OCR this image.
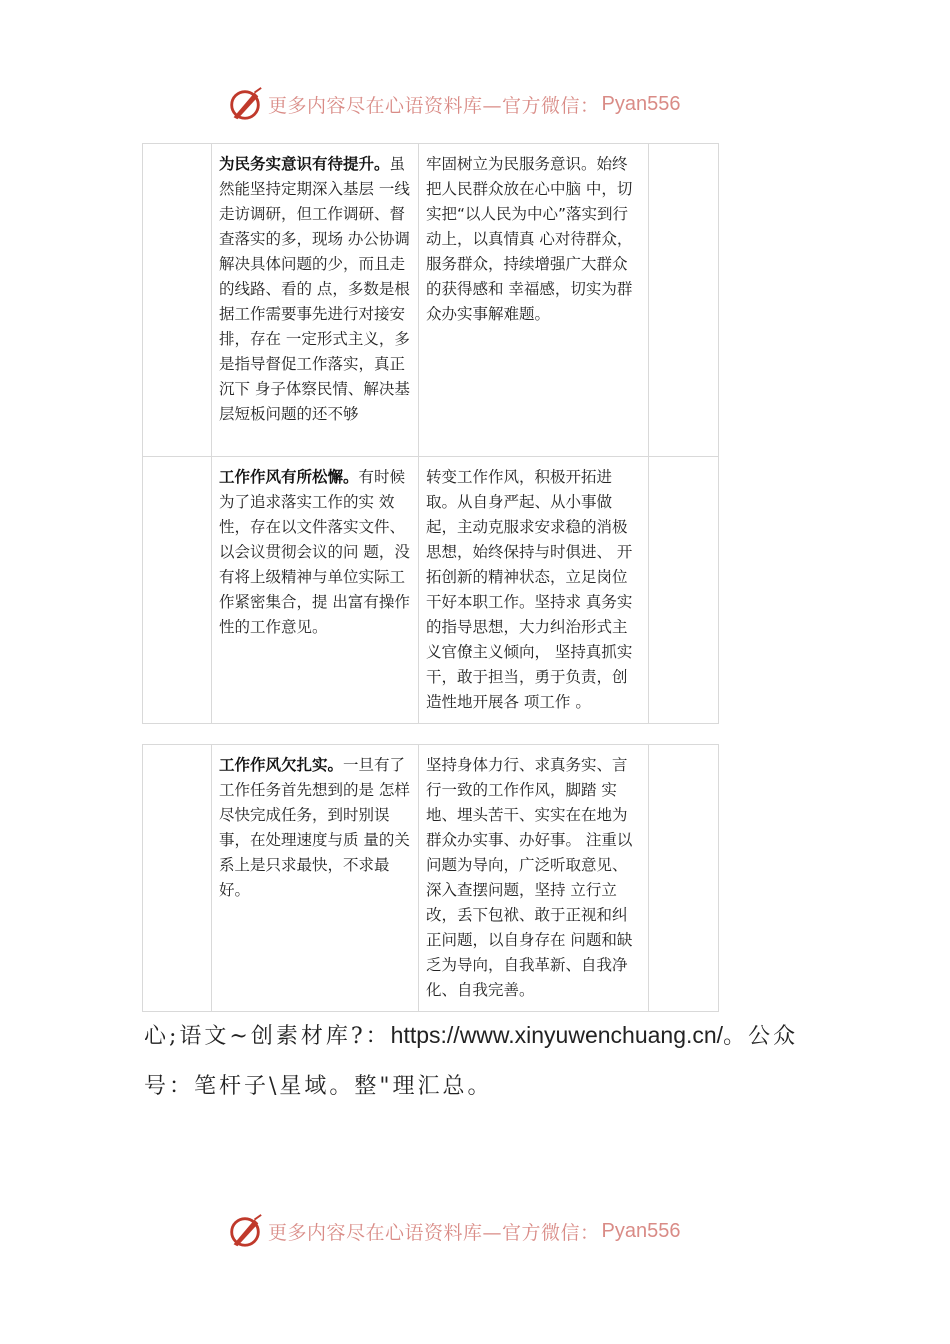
更多内容尽在心语资料库—官方微信： Pyan556
	为民务实意识有待提升。虽然能坚持定期深入基层 一线走访调研，但工作调研、督查落实的多，现场 办公协调解决具体问题的少，而且走的线路、看的 点，多数是根据工作需要事先进行对接安排，存在 一定形式主义，多是指导督促工作落实，真正沉下 身子体察民情、解决基层短板问题的还不够	牢固树立为民服务意识。始终把人民群众放在心中脑 中，切实把“以人民为中心”落实到行动上，以真情真 心对待群众，服务群众，持续增强广大群众的获得感和 幸福感，切实为群众办实事解难题。	
	工作作风有所松懈。有时候为了追求落实工作的实 效性，存在以文件落实文件、以会议贯彻会议的问 题，没有将上级精神与单位实际工作紧密集合，提 出富有操作性的工作意见。	转变工作作风，积极开拓进取。从自身严起、从小事做起，主动克服求安求稳的消极思想，始终保持与时俱进、 开拓创新的精神状态，立足岗位干好本职工作。坚持求 真务实的指导思想，大力纠治形式主义官僚主义倾向， 坚持真抓实干，敢于担当，勇于负责，创造性地开展各 项工作 。	
	工作作风欠扎实。一旦有了工作任务首先想到的是 怎样尽快完成任务，到时别误事，在处理速度与质 量的关系上是只求最快，不求最好。	坚持身体力行、求真务实、言行一致的工作作风，脚踏 实地、埋头苦干、实实在在地为群众办实事、办好事。 注重以问题为导向，广泛听取意见、深入查摆问题，坚持 立行立改，丢下包袱、敢于正视和纠正问题，以自身存在 问题和缺乏为导向，自我革新、自我净化、自我完善。	
心;语文~创素材库?：https://www.xinyuwenchuang.cn/。公众号：笔杆子\星域。整"理汇总。
更多内容尽在心语资料库—官方微信： Pyan556
